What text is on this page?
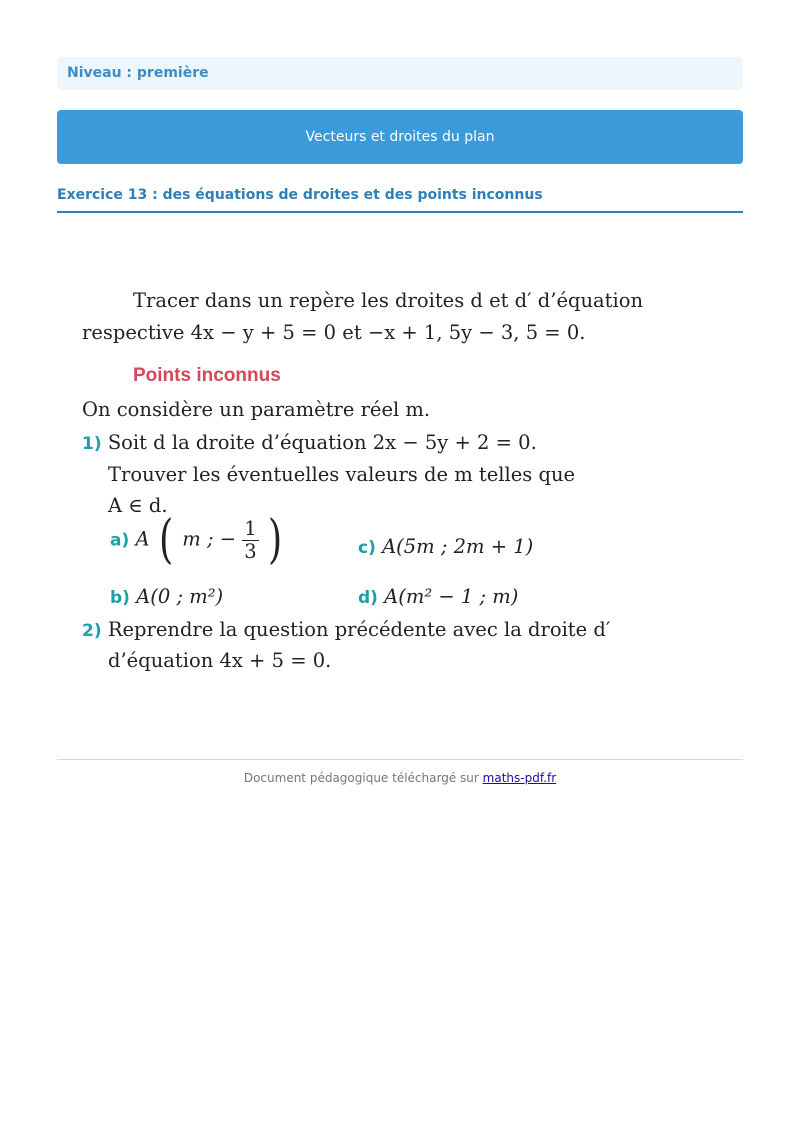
Niveau : première
Vecteurs et droites du plan
Exercice 13 : des équations de droites et des points inconnus
Tracer dans un repère les droites d et d′ d’équation
respective 4x − y + 5 = 0 et −x + 1, 5y − 3, 5 = 0.
Points inconnus
On considère un paramètre réel m.
1) Soit d la droite d’équation 2x − 5y + 2 = 0.
Trouver les éventuelles valeurs de m telles que
A ∈ d.
a) A ( m ; − $\frac{1}{3}$ )	c) A(5m ; 2m + 1)
b) A(0 ; m²)	d) A(m² − 1 ; m)
2) Reprendre la question précédente avec la droite d′
d’équation 4x + 5 = 0.
Document pédagogique téléchargé sur maths-pdf.fr
